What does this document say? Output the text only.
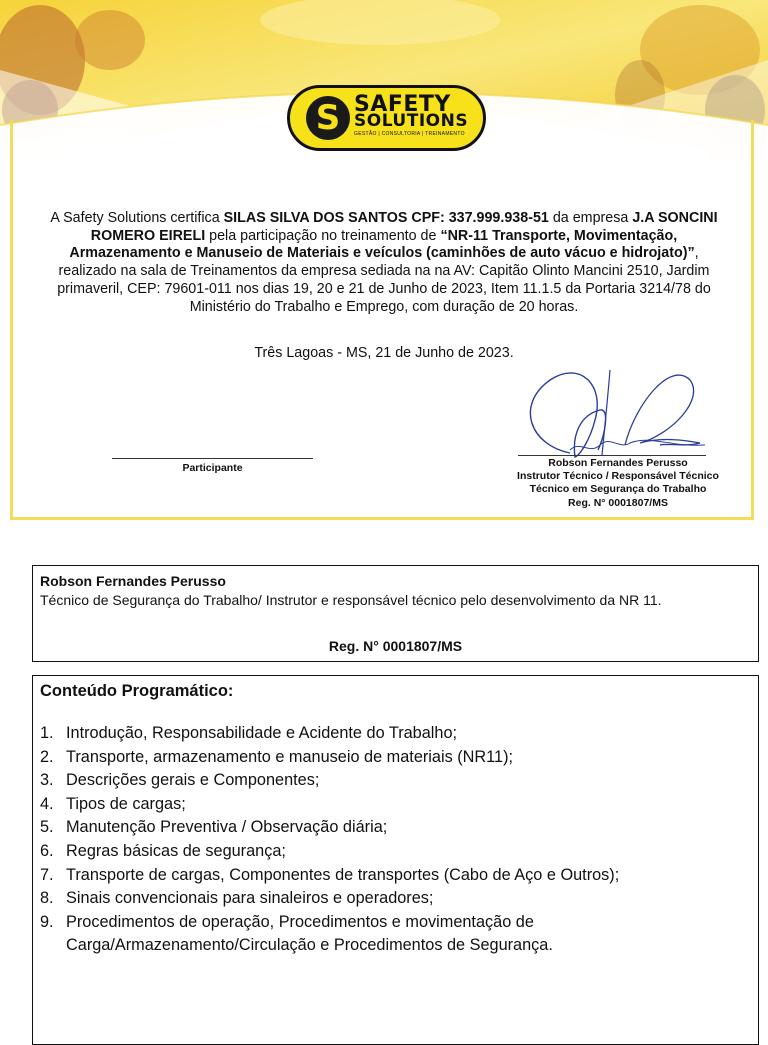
S SAFETY
SOLUTIONS
GESTÃO | CONSULTORIA | TREINAMENTO
A Safety Solutions certifica SILAS SILVA DOS SANTOS CPF: 337.999.938-51 da empresa J.A SONCINI ROMERO EIRELI pela participação no treinamento de “NR-11 Transporte, Movimentação, Armazenamento e Manuseio de Materiais e veículos (caminhões de auto vácuo e hidrojato)”, realizado na sala de Treinamentos da empresa sediada na na AV: Capitão Olinto Mancini 2510, Jardim primaveril, CEP: 79601-011 nos dias 19, 20 e 21 de Junho de 2023, Item 11.1.5 da Portaria 3214/78 do Ministério do Trabalho e Emprego, com duração de 20 horas.
Três Lagoas - MS, 21 de Junho de 2023.
Participante	Robson Fernandes Perusso
Instrutor Técnico / Responsável Técnico
Técnico em Segurança do Trabalho
Reg. N° 0001807/MS
Robson Fernandes Perusso
Técnico de Segurança do Trabalho/ Instrutor e responsável técnico pelo desenvolvimento da NR 11.
Reg. N° 0001807/MS
Conteúdo Programático:
1. Introdução, Responsabilidade e Acidente do Trabalho;
2. Transporte, armazenamento e manuseio de materiais (NR11);
3. Descrições gerais e Componentes;
4. Tipos de cargas;
5. Manutenção Preventiva / Observação diária;
6. Regras básicas de segurança;
7. Transporte de cargas, Componentes de transportes (Cabo de Aço e Outros);
8. Sinais convencionais para sinaleiros e operadores;
9. Procedimentos de operação, Procedimentos e movimentação de Carga/Armazenamento/Circulação e Procedimentos de Segurança.
